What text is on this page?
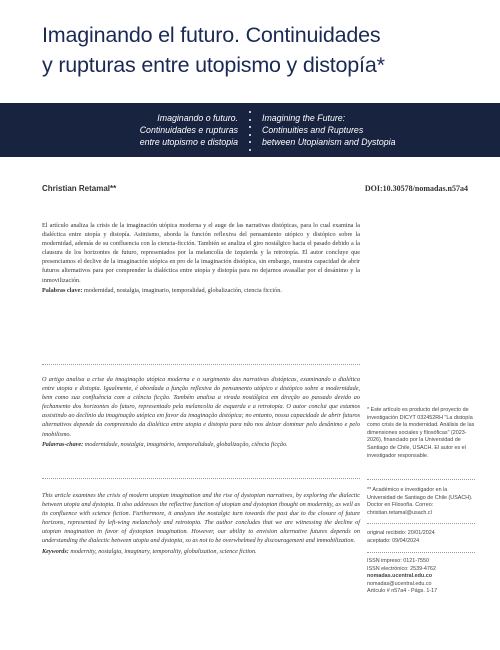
Imaginando el futuro. Continuidades
y rupturas entre utopismo y distopía*
Imaginando o futuro.
Continuidades e rupturas
entre utopismo e distopia
Imagining the Future:
Continuities and Ruptures
between Utopianism and Dystopia
Christian Retamal**	DOI:10.30578/nomadas.n57a4

El artículo analiza la crisis de la imaginación utópica moderna y el auge de las narrativas distópicas, para lo cual examina la dialéctica entre utopía y distopía. Asimismo, aborda la función reflexiva del pensamiento utópico y distópico sobre la modernidad, además de su confluencia con la ciencia-ficción. También se analiza el giro nostálgico hacia el pasado debido a la clausura de los horizontes de futuro, representados por la melancolía de izquierda y la retrotopía. El autor concluye que presenciamos el declive de la imaginación utópica en pro de la imaginación distópica, sin embargo, muestra capacidad de abrir futuros alternativos para por comprender la dialéctica entre utopía y distopía para no dejarnos avasallar por el desánimo y la inmovilización.

Palabras clave: modernidad, nostalgia, imaginario, temporalidad, globalización, ciencia ficción.

O artigo analisa a crise da imaginação utópica moderna e o surgimento das narrativas distópicas, examinando a dialética entre utopia e distopia. Igualmente, é abordada a função reflexiva do pensamento utópico e distópico sobre a modernidade, bem como sua confluência com a ciência ficção. Também analisa a virada nostálgica em direção ao passado devido ao fechamento dos horizontes do futuro, representado pela melancolia de esquerda e a retrotopia. O autor conclui que estamos assistindo ao declínio da imaginação utópica em favor da imaginação distópica; no entanto, nossa capacidade de abrir futuros alternativos depende da compreensão da dialética entre utopia e distopia para não nos deixar dominar pelo desânimo e pelo imobilismo.

Palavras-chave: modernidade, nostalgia, imaginário, temporalidade, globalização, ciência ficção.

This article examines the crisis of modern utopian imagination and the rise of dystopian narratives, by exploring the dialectic between utopia and dystopia. It also addresses the reflective function of utopian and dystopian thought on modernity, as well as its confluence with science fiction. Furthermore, it analyzes the nostalgic turn towards the past due to the closure of future horizons, represented by left-wing melancholy and retrotopia. The author concludes that we are witnessing the decline of utopian imagination in favor of dystopian imagination. However, our ability to envision alternative futures depends on understanding the dialectic between utopia and dystopia, so as not to be overwhelmed by discouragement and immobilization.

Keywords: modernity, nostalgia, imaginary, temporality, globalization, science fiction.

* Este artículo es producto del proyecto de investigación DICYT 032452RH "La distopía como crisis de la modernidad. Análisis de las dimensiones sociales y filosóficas" (2023-2026), financiado por la Universidad de Santiago de Chile, USACH. El autor es el investigador responsable.
** Académico e investigador en la Universidad de Santiago de Chile (USACH). Doctor en Filosofía. Correo: christian.retamal@usach.cl
original recibido: 20/01/2024
aceptado: 09/04/2024
ISSN impreso: 0121-7550
ISSN electrónico: 2539-4762
nomadas.ucentral.edu.co
nomadas@ucentral.edu.co
Artículo # n57a4 - Págs. 1-17
